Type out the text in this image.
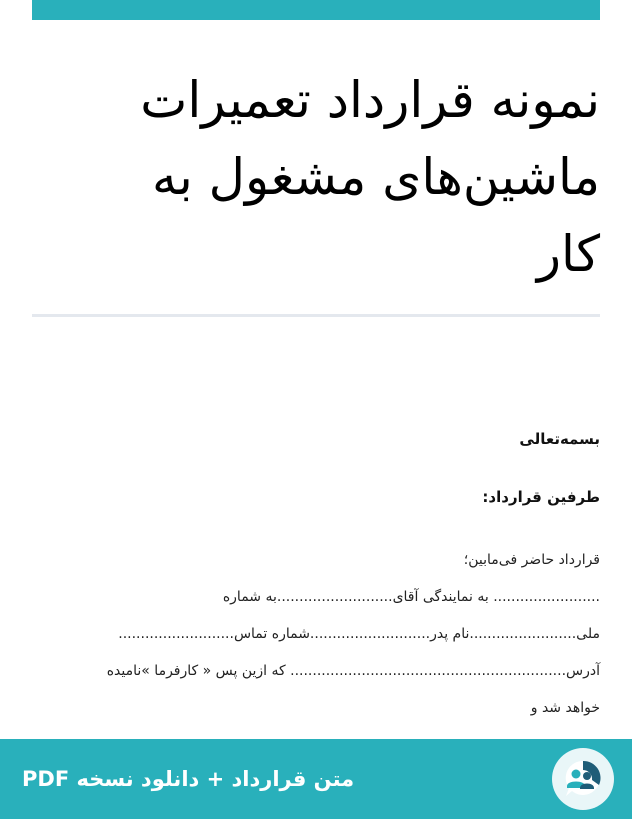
نمونه قرارداد تعمیرات
ماشین‌های مشغول به
کار
بسمه‌تعالی
طرفین قرارداد:
قرارداد حاضر فی‌مابین؛
........................ به نمایندگی آقای..........................به شماره
ملی........................نام پدر...........................شماره تماس..........................
آدرس.............................................................. که ازین پس « کارفرما »نامیده
خواهد شد و
متن قرارداد + دانلود نسخه PDF
